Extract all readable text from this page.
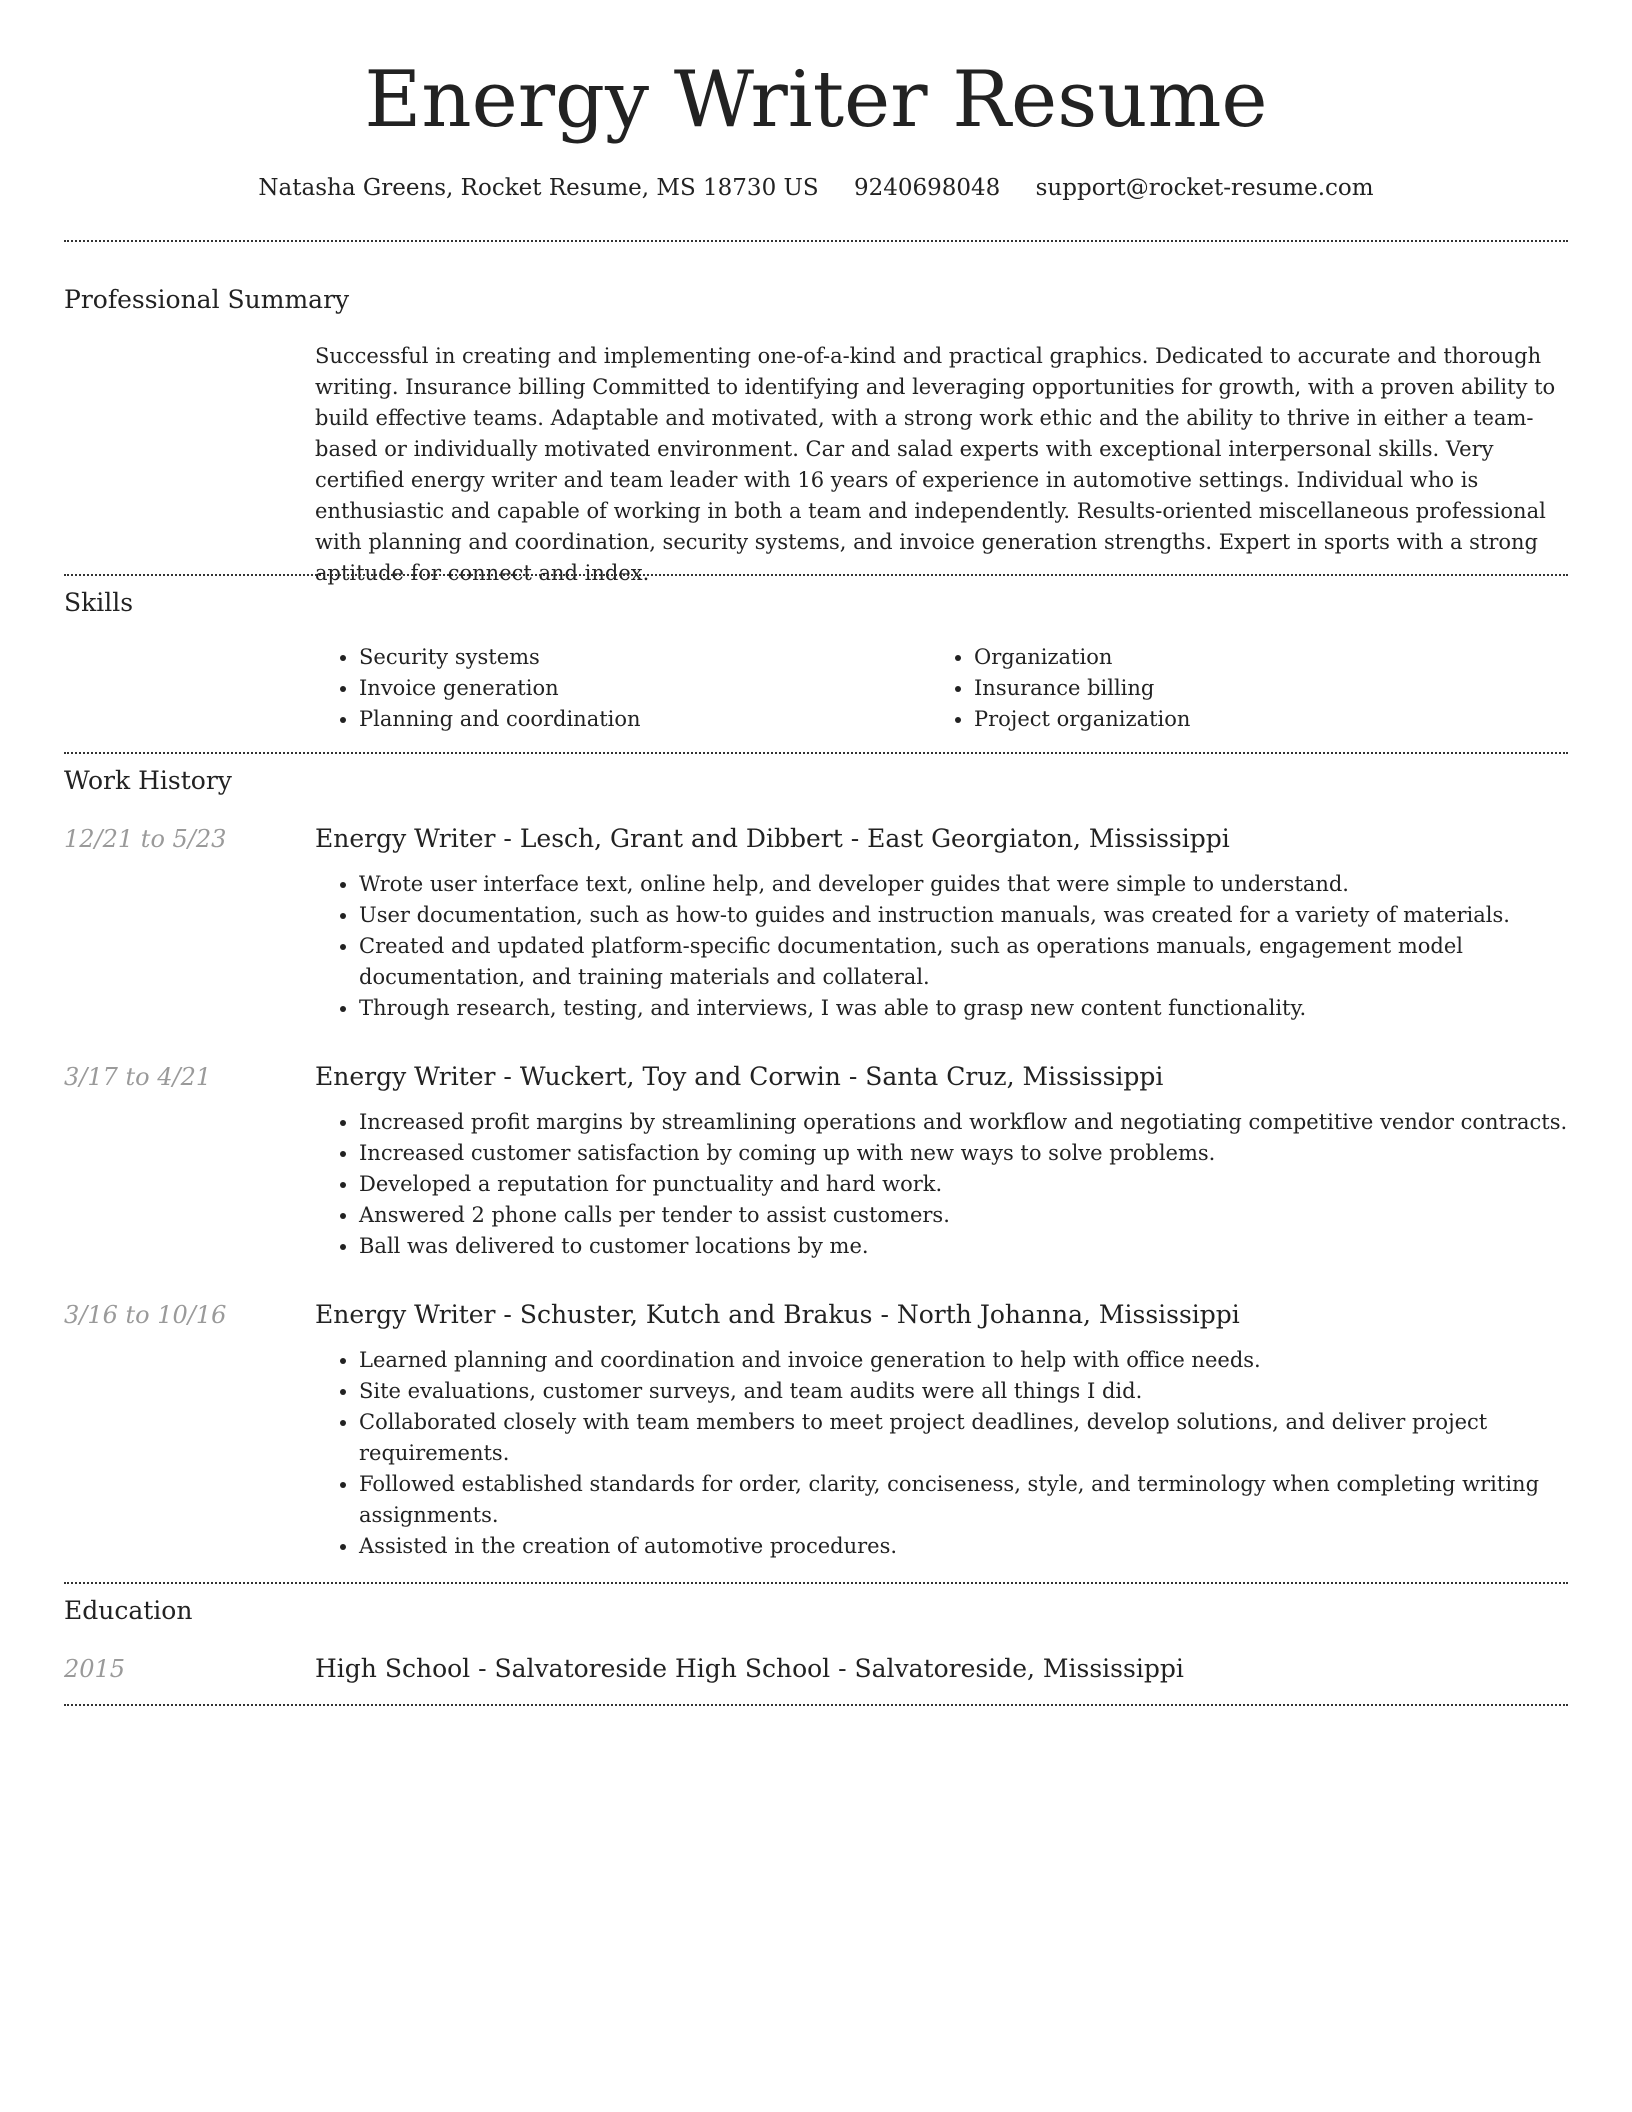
Energy Writer Resume
Natasha Greens, Rocket Resume, MS 18730 US 9240698048 support@rocket-resume.com
Professional Summary
Successful in creating and implementing one-of-a-kind and practical graphics. Dedicated to accurate and thorough writing. Insurance billing Committed to identifying and leveraging opportunities for growth, with a proven ability to build effective teams. Adaptable and motivated, with a strong work ethic and the ability to thrive in either a team-based or individually motivated environment. Car and salad experts with exceptional interpersonal skills. Very certified energy writer and team leader with 16 years of experience in automotive settings. Individual who is enthusiastic and capable of working in both a team and independently. Results-oriented miscellaneous professional with planning and coordination, security systems, and invoice generation strengths. Expert in sports with a strong aptitude for connect and index.
Skills
• Security systems
• Invoice generation
• Planning and coordination
• Organization
• Insurance billing
• Project organization
Work History
12/21 to 5/23	Energy Writer - Lesch, Grant and Dibbert - East Georgiaton, Mississippi
• Wrote user interface text, online help, and developer guides that were simple to understand.
• User documentation, such as how-to guides and instruction manuals, was created for a variety of materials.
• Created and updated platform-specific documentation, such as operations manuals, engagement model documentation, and training materials and collateral.
• Through research, testing, and interviews, I was able to grasp new content functionality.
3/17 to 4/21	Energy Writer - Wuckert, Toy and Corwin - Santa Cruz, Mississippi
• Increased profit margins by streamlining operations and workflow and negotiating competitive vendor contracts.
• Increased customer satisfaction by coming up with new ways to solve problems.
• Developed a reputation for punctuality and hard work.
• Answered 2 phone calls per tender to assist customers.
• Ball was delivered to customer locations by me.
3/16 to 10/16	Energy Writer - Schuster, Kutch and Brakus - North Johanna, Mississippi
• Learned planning and coordination and invoice generation to help with office needs.
• Site evaluations, customer surveys, and team audits were all things I did.
• Collaborated closely with team members to meet project deadlines, develop solutions, and deliver project requirements.
• Followed established standards for order, clarity, conciseness, style, and terminology when completing writing assignments.
• Assisted in the creation of automotive procedures.
Education
2015	High School - Salvatoreside High School - Salvatoreside, Mississippi
